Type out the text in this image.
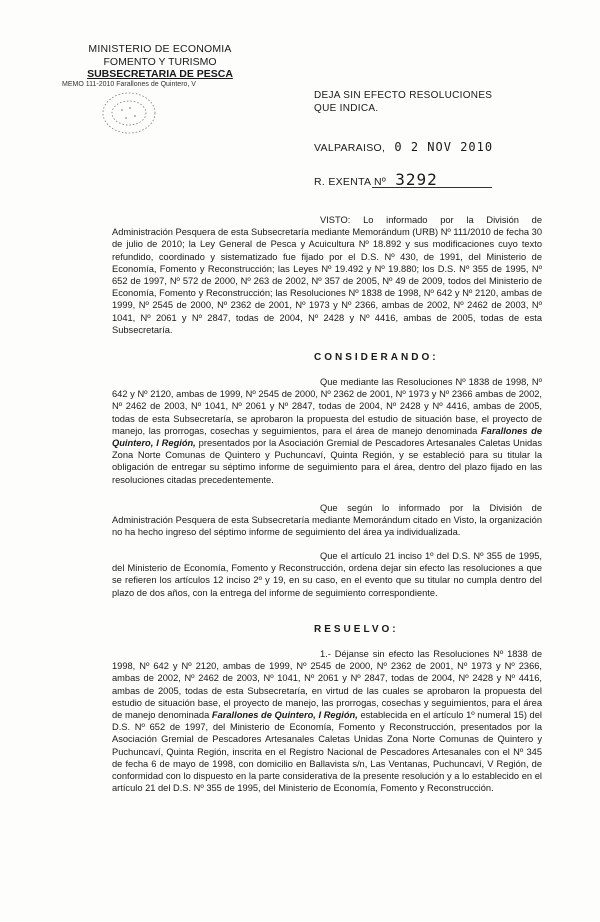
MINISTERIO DE ECONOMIA
FOMENTO Y TURISMO
SUBSECRETARIA DE PESCA
MEMO 111-2010 Farallones de Quintero, V
DEJA SIN EFECTO RESOLUCIONES QUE INDICA.
VALPARAISO, 0 2 NOV 2010
R. EXENTA Nº 3292
VISTO: Lo informado por la División de Administración Pesquera de esta Subsecretaría mediante Memorándum (URB) Nº 111/2010 de fecha 30 de julio de 2010; la Ley General de Pesca y Acuicultura Nº 18.892 y sus modificaciones cuyo texto refundido, coordinado y sistematizado fue fijado por el D.S. Nº 430, de 1991, del Ministerio de Economía, Fomento y Reconstrucción; las Leyes Nº 19.492 y Nº 19.880; los D.S. Nº 355 de 1995, Nº 652 de 1997, Nº 572 de 2000, Nº 263 de 2002, Nº 357 de 2005, Nº 49 de 2009, todos del Ministerio de Economía, Fomento y Reconstrucción; las Resoluciones Nº 1838 de 1998, Nº 642 y Nº 2120, ambas de 1999, Nº 2545 de 2000, Nº 2362 de 2001, Nº 1973 y Nº 2366, ambas de 2002, Nº 2462 de 2003, Nº 1041, Nº 2061 y Nº 2847, todas de 2004, Nº 2428 y Nº 4416, ambas de 2005, todas de esta Subsecretaría.
CONSIDERANDO:
Que mediante las Resoluciones Nº 1838 de 1998, Nº 642 y Nº 2120, ambas de 1999, Nº 2545 de 2000, Nº 2362 de 2001, Nº 1973 y Nº 2366 ambas de 2002, Nº 2462 de 2003, Nº 1041, Nº 2061 y Nº 2847, todas de 2004, Nº 2428 y Nº 4416, ambas de 2005, todas de esta Subsecretaría, se aprobaron la propuesta del estudio de situación base, el proyecto de manejo, las prorrogas, cosechas y seguimientos, para el área de manejo denominada Farallones de Quintero, I Región, presentados por la Asociación Gremial de Pescadores Artesanales Caletas Unidas Zona Norte Comunas de Quintero y Puchuncaví, Quinta Región, y se estableció para su titular la obligación de entregar su séptimo informe de seguimiento para el área, dentro del plazo fijado en las resoluciones citadas precedentemente.
Que según lo informado por la División de Administración Pesquera de esta Subsecretaría mediante Memorándum citado en Visto, la organización no ha hecho ingreso del séptimo informe de seguimiento del área ya individualizada.
Que el artículo 21 inciso 1º del D.S. Nº 355 de 1995, del Ministerio de Economía, Fomento y Reconstrucción, ordena dejar sin efecto las resoluciones a que se refieren los artículos 12 inciso 2º y 19, en su caso, en el evento que su titular no cumpla dentro del plazo de dos años, con la entrega del informe de seguimiento correspondiente.
RESUELVO:
1.- Déjanse sin efecto las Resoluciones Nº 1838 de 1998, Nº 642 y Nº 2120, ambas de 1999, Nº 2545 de 2000, Nº 2362 de 2001, Nº 1973 y Nº 2366, ambas de 2002, Nº 2462 de 2003, Nº 1041, Nº 2061 y Nº 2847, todas de 2004, Nº 2428 y Nº 4416, ambas de 2005, todas de esta Subsecretaría, en virtud de las cuales se aprobaron la propuesta del estudio de situación base, el proyecto de manejo, las prorrogas, cosechas y seguimientos, para el área de manejo denominada Farallones de Quintero, I Región, establecida en el artículo 1º numeral 15) del D.S. Nº 652 de 1997, del Ministerio de Economía, Fomento y Reconstrucción, presentados por la Asociación Gremial de Pescadores Artesanales Caletas Unidas Zona Norte Comunas de Quintero y Puchuncaví, Quinta Región, inscrita en el Registro Nacional de Pescadores Artesanales con el Nº 345 de fecha 6 de mayo de 1998, con domicilio en Ballavista s/n, Las Ventanas, Puchuncaví, V Región, de conformidad con lo dispuesto en la parte considerativa de la presente resolución y a lo establecido en el artículo 21 del D.S. Nº 355 de 1995, del Ministerio de Economía, Fomento y Reconstrucción.
